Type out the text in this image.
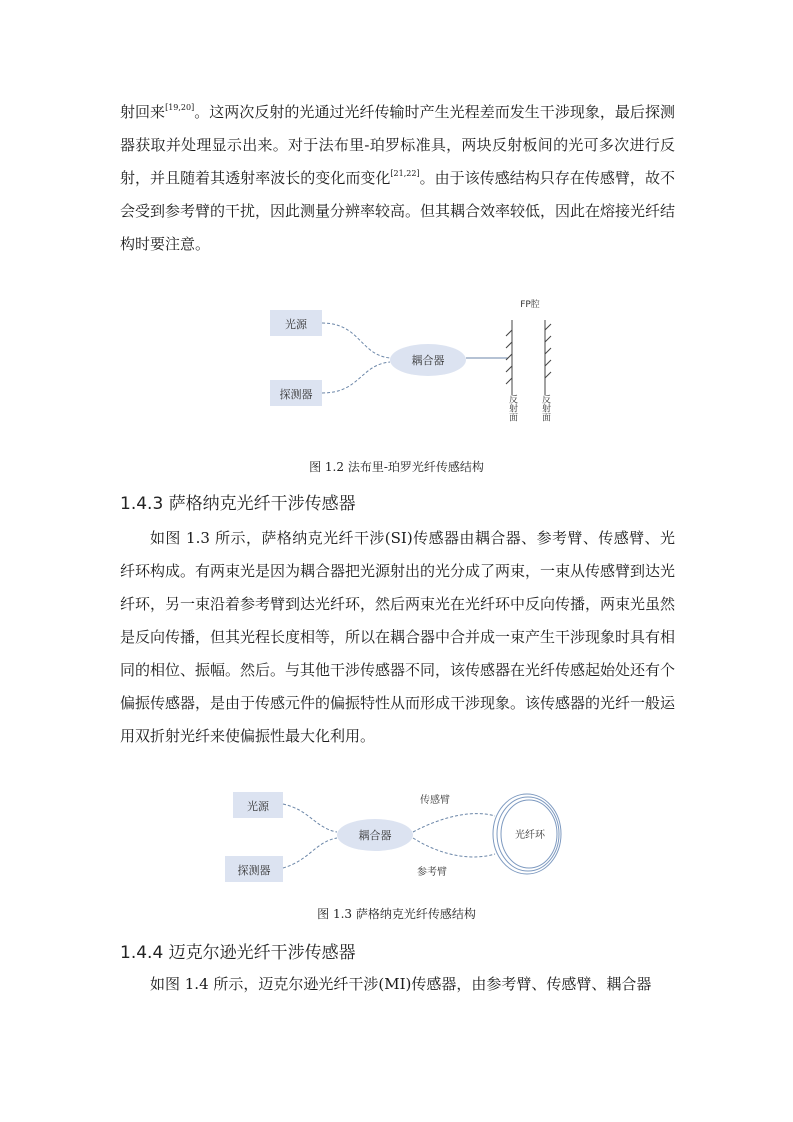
射回来[19,20]。这两次反射的光通过光纤传输时产生光程差而发生干涉现象，最后探测器获取并处理显示出来。对于法布里-珀罗标准具，两块反射板间的光可多次进行反射，并且随着其透射率波长的变化而变化[21,22]。由于该传感结构只存在传感臂，故不会受到参考臂的干扰，因此测量分辨率较高。但其耦合效率较低，因此在熔接光纤结构时要注意。

光源
探测器
耦合器
FP腔
反射面	反射面
图 1.2 法布里-珀罗光纤传感结构
1.4.3 萨格纳克光纤干涉传感器

如图 1.3 所示，萨格纳克光纤干涉(SI)传感器由耦合器、参考臂、传感臂、光纤环构成。有两束光是因为耦合器把光源射出的光分成了两束，一束从传感臂到达光纤环，另一束沿着参考臂到达光纤环，然后两束光在光纤环中反向传播，两束光虽然是反向传播，但其光程长度相等，所以在耦合器中合并成一束产生干涉现象时具有相同的相位、振幅。然后。与其他干涉传感器不同，该传感器在光纤传感起始处还有个偏振传感器，是由于传感元件的偏振特性从而形成干涉现象。该传感器的光纤一般运用双折射光纤来使偏振性最大化利用。

光源
探测器
耦合器
传感臂
参考臂
光纤环
图 1.3 萨格纳克光纤传感结构
1.4.4 迈克尔逊光纤干涉传感器

如图 1.4 所示，迈克尔逊光纤干涉(MI)传感器，由参考臂、传感臂、耦合器
